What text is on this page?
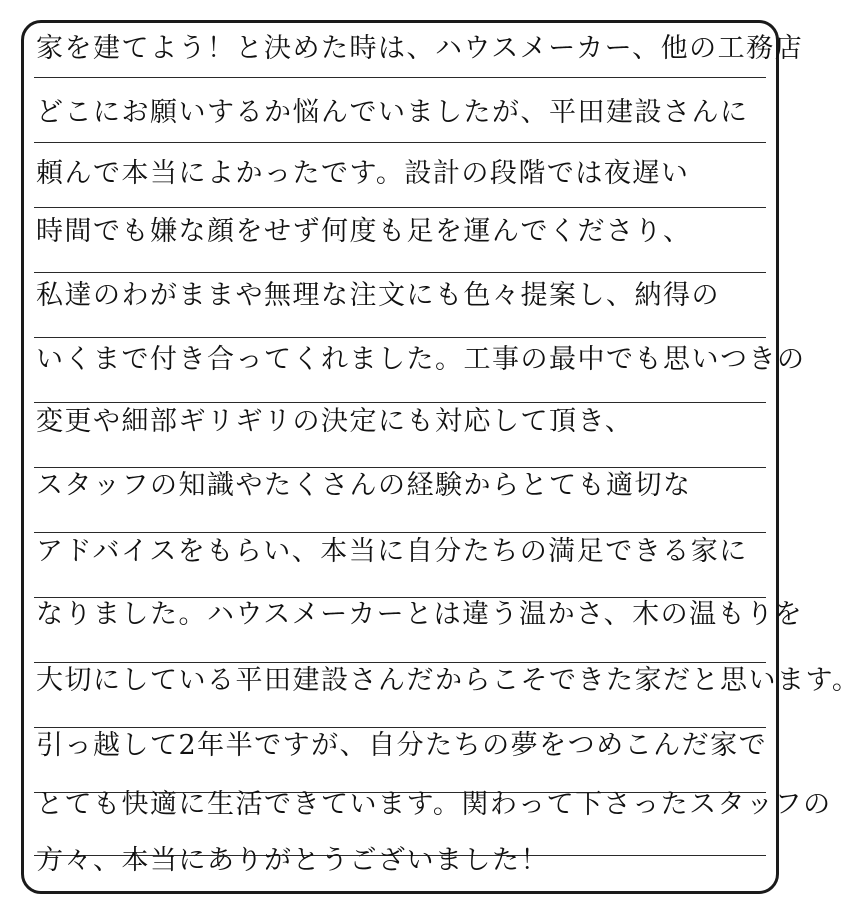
家を建てよう！と決めた時は、ハウスメーカー、他の工務店
どこにお願いするか悩んでいましたが、平田建設さんに
頼んで本当によかったです。設計の段階では夜遅い
時間でも嫌な顔をせず何度も足を運んでくださり、
私達のわがままや無理な注文にも色々提案し、納得の
いくまで付き合ってくれました。工事の最中でも思いつきの
変更や細部ギリギリの決定にも対応して頂き、
スタッフの知識やたくさんの経験からとても適切な
アドバイスをもらい、本当に自分たちの満足できる家に
なりました。ハウスメーカーとは違う温かさ、木の温もりを
大切にしている平田建設さんだからこそできた家だと思います。
引っ越して2年半ですが、自分たちの夢をつめこんだ家で
とても快適に生活できています。関わって下さったスタッフの
方々、本当にありがとうございました！
